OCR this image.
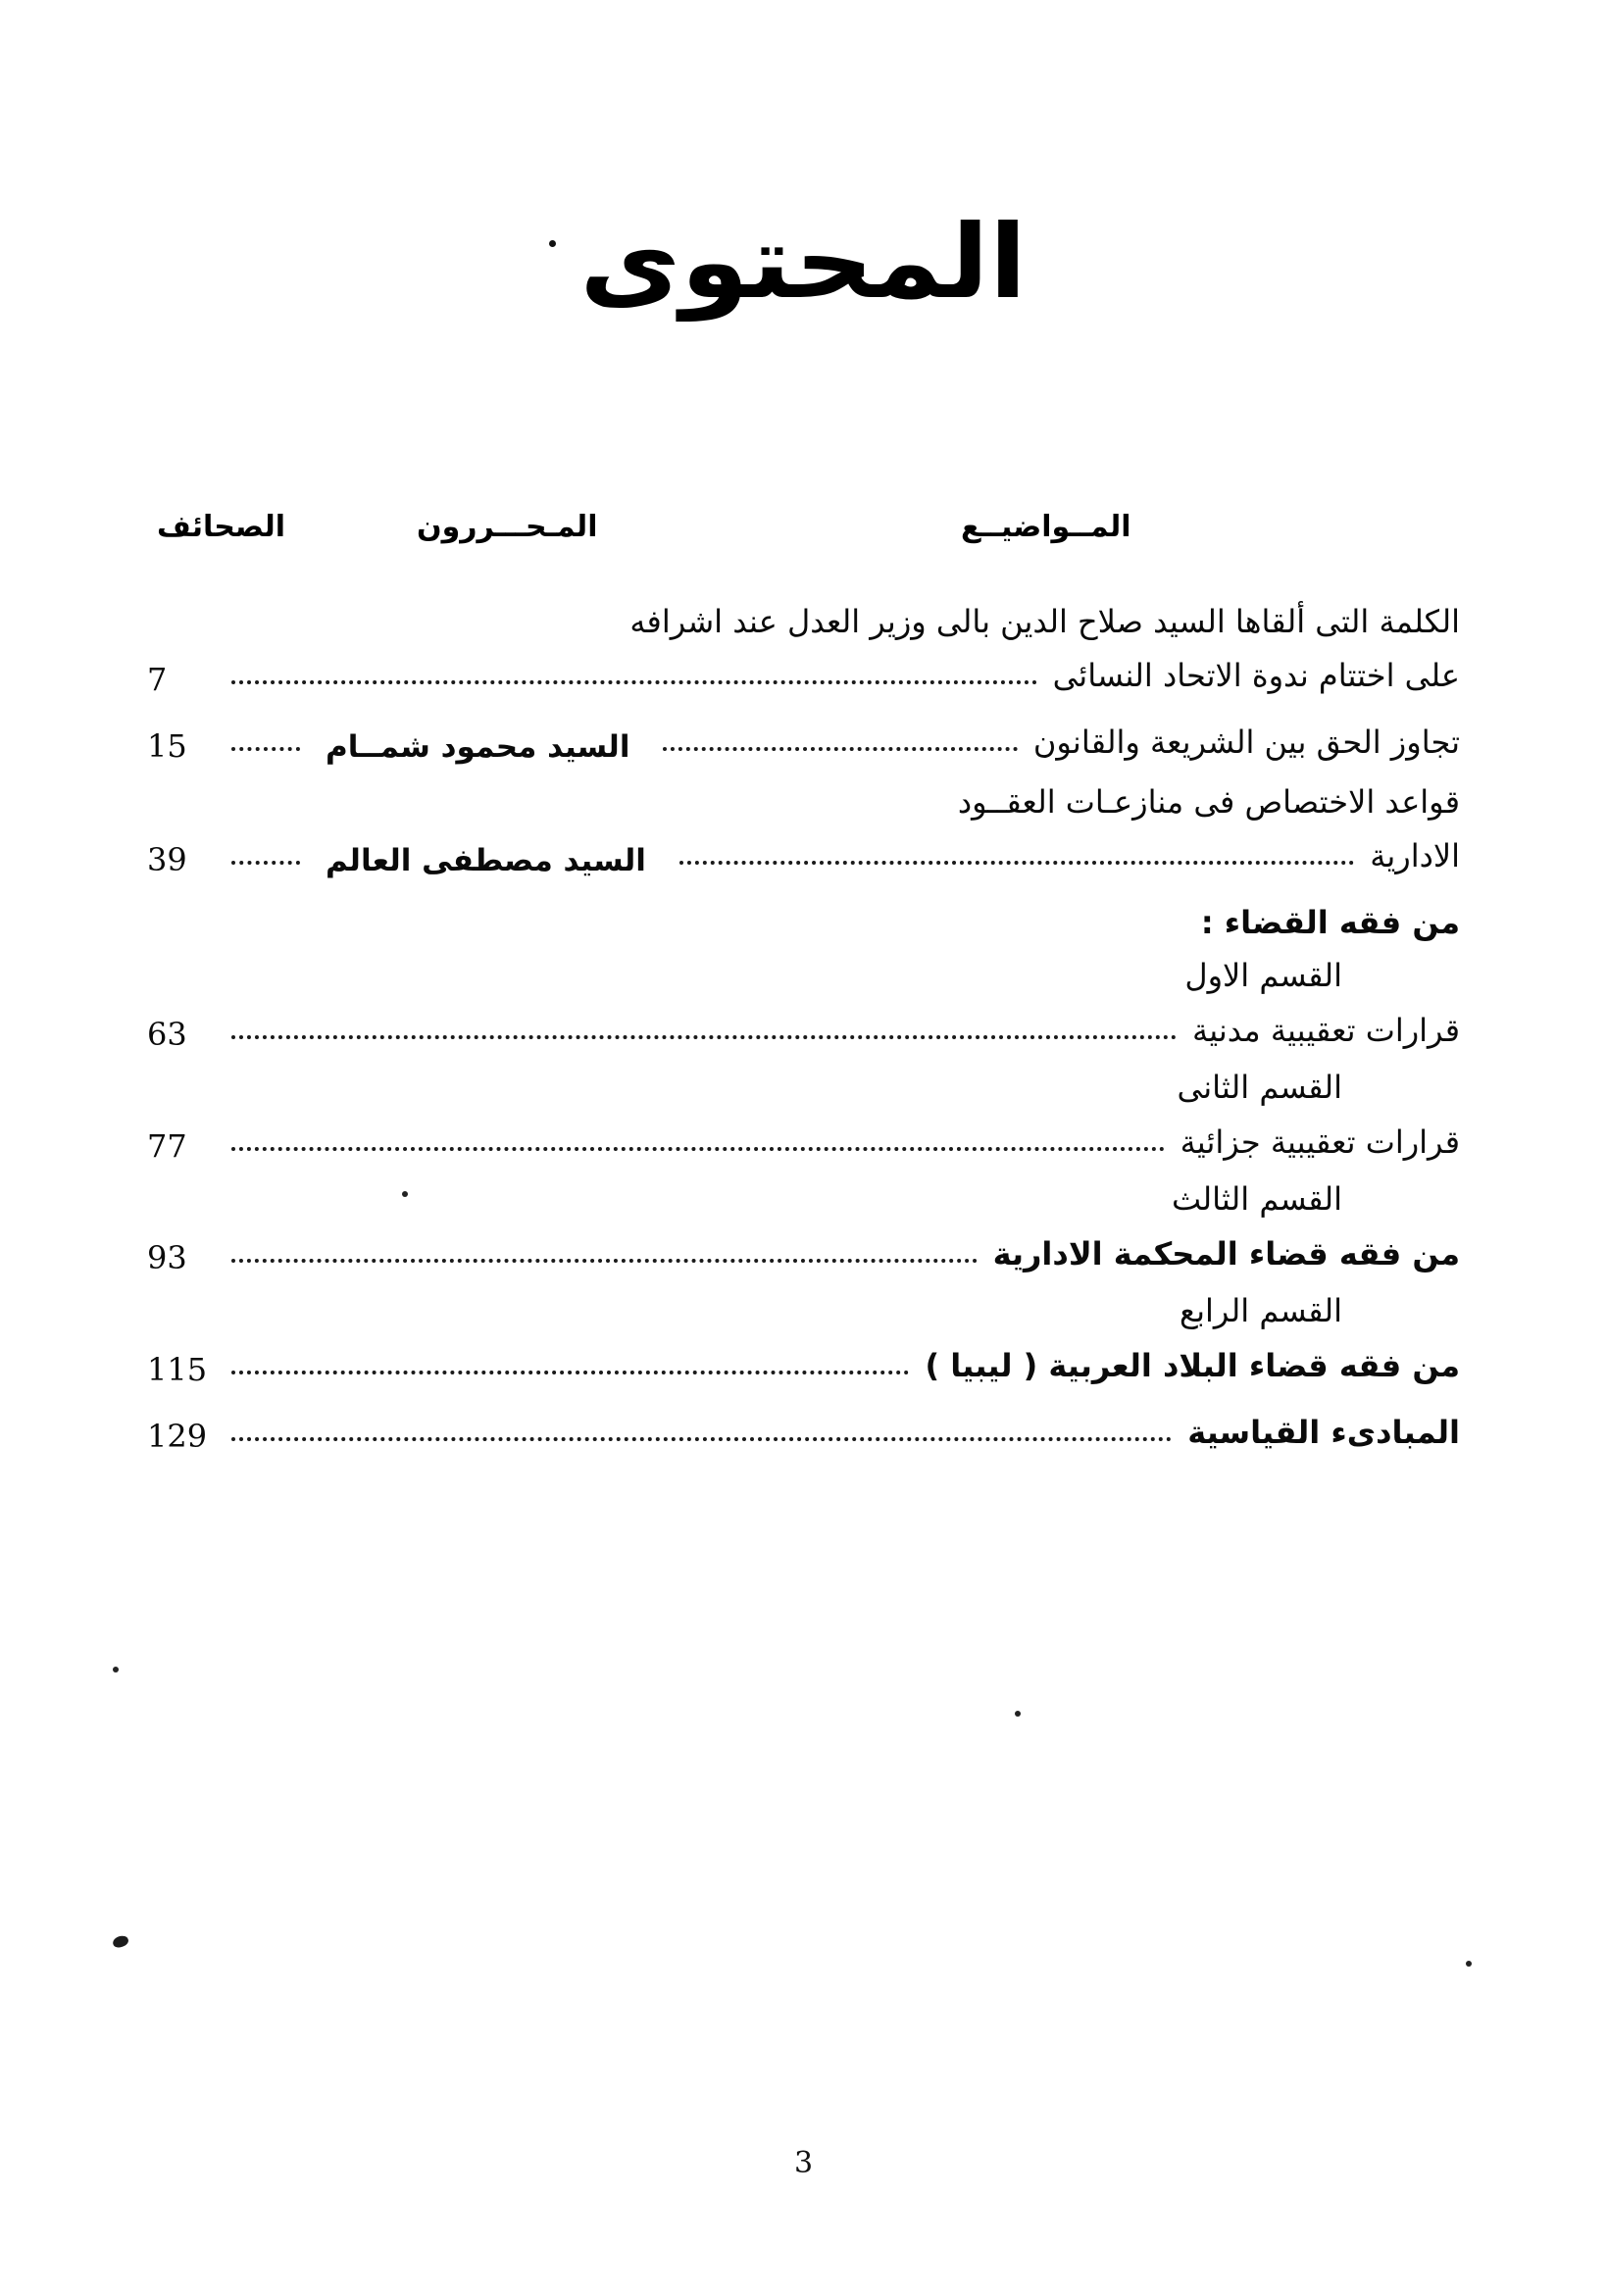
المحتوى
الصحائف	المـحـــررون	المــواضيــع
الكلمة التى ألقاها السيد صلاح الدين بالى وزير العدل عند اشرافه
على اختتام ندوة الاتحاد النسائى
7
تجاوز الحق بين الشريعة والقانون
السيد محمود شمــام
15
قواعد الاختصاص فى منازعـات العقــود
الادارية
السيد مصطفى العالم
39
من فقه القضاء :
القسم الاول
قرارات تعقيبية مدنية
63
القسم الثانى
قرارات تعقيبية جزائية
77
القسم الثالث
من فقه قضاء المحكمة الادارية
93
القسم الرابع
من فقه قضاء البلاد العربية ( ليبيا )
115
المبادىء القياسية
129
3
